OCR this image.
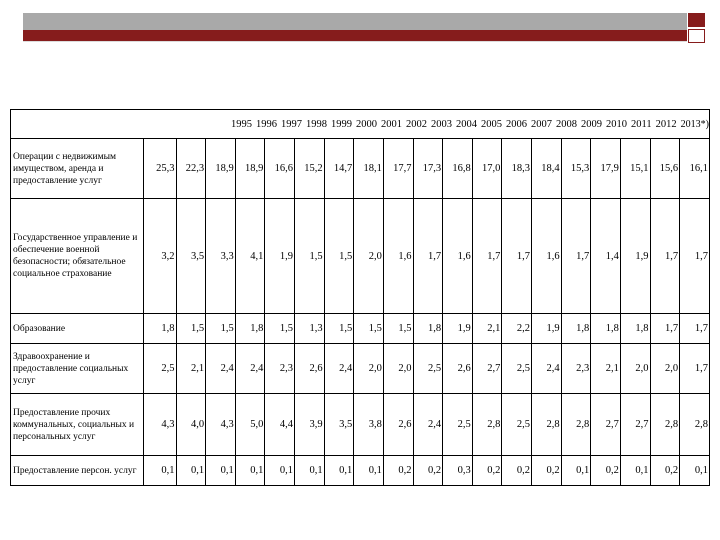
1995 1996 1997 1998 1999 2000 2001 2002 2003 2004 2005 2006 2007 2008 2009 2010 2011 2012 2013*)																			
Операции с недвижимым имуществом, аренда и предоставление услуг	25,3	22,3	18,9	18,9	16,6	15,2	14,7	18,1	17,7	17,3	16,8	17,0	18,3	18,4	15,3	17,9	15,1	15,6	16,1
Государственное управление и обеспечение военной безопасности; обязательное социальное страхование	3,2	3,5	3,3	4,1	1,9	1,5	1,5	2,0	1,6	1,7	1,6	1,7	1,7	1,6	1,7	1,4	1,9	1,7	1,7
Образование	1,8	1,5	1,5	1,8	1,5	1,3	1,5	1,5	1,5	1,8	1,9	2,1	2,2	1,9	1,8	1,8	1,8	1,7	1,7
Здравоохранение и предоставление социальных услуг	2,5	2,1	2,4	2,4	2,3	2,6	2,4	2,0	2,0	2,5	2,6	2,7	2,5	2,4	2,3	2,1	2,0	2,0	1,7
Предоставление прочих коммунальных, социальных и персональных услуг	4,3	4,0	4,3	5,0	4,4	3,9	3,5	3,8	2,6	2,4	2,5	2,8	2,5	2,8	2,8	2,7	2,7	2,8	2,8
Предоставление персон. услуг	0,1	0,1	0,1	0,1	0,1	0,1	0,1	0,1	0,2	0,2	0,3	0,2	0,2	0,2	0,1	0,2	0,1	0,2	0,1
